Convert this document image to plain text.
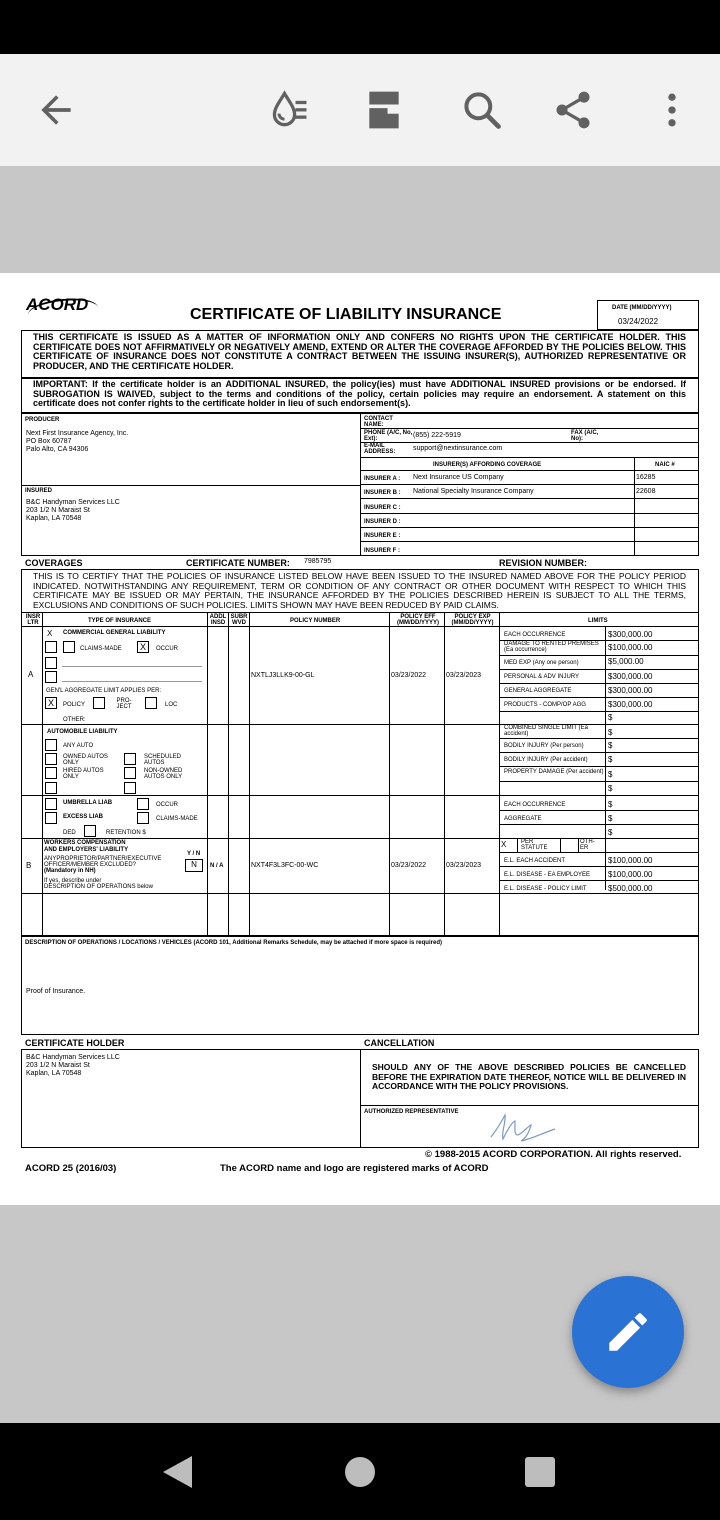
ACORD
CERTIFICATE OF LIABILITY INSURANCE	DATE (MM/DD/YYYY)
03/24/2022
THIS CERTIFICATE IS ISSUED AS A MATTER OF INFORMATION ONLY AND CONFERS NO RIGHTS UPON THE CERTIFICATE HOLDER. THIS CERTIFICATE DOES NOT AFFIRMATIVELY OR NEGATIVELY AMEND, EXTEND OR ALTER THE COVERAGE AFFORDED BY THE POLICIES BELOW. THIS CERTIFICATE OF INSURANCE DOES NOT CONSTITUTE A CONTRACT BETWEEN THE ISSUING INSURER(S), AUTHORIZED REPRESENTATIVE OR PRODUCER, AND THE CERTIFICATE HOLDER.
IMPORTANT: If the certificate holder is an ADDITIONAL INSURED, the policy(ies) must have ADDITIONAL INSURED provisions or be endorsed. If SUBROGATION IS WAIVED, subject to the terms and conditions of the policy, certain policies may require an endorsement. A statement on this certificate does not confer rights to the certificate holder in lieu of such endorsement(s).
PRODUCER
Next First Insurance Agency, Inc.
PO Box 60787
Palo Alto, CA 94306
INSURED
B&C Handyman Services LLC
203 1/2 N Maraist St
Kaplan, LA 70548
CONTACT NAME:
PHONE (A/C, No, Ext):	(855) 222-5919	FAX (A/C, No):
E-MAIL ADDRESS:	support@nextinsurance.com
INSURER(S) AFFORDING COVERAGE	NAIC #
INSURER A : Next Insurance US Company	16285
INSURER B : National Specialty Insurance Company	22608
INSURER C :
INSURER D :
INSURER E :
INSURER F :
COVERAGES	CERTIFICATE NUMBER: 7985795	REVISION NUMBER:
THIS IS TO CERTIFY THAT THE POLICIES OF INSURANCE LISTED BELOW HAVE BEEN ISSUED TO THE INSURED NAMED ABOVE FOR THE POLICY PERIOD INDICATED. NOTWITHSTANDING ANY REQUIREMENT, TERM OR CONDITION OF ANY CONTRACT OR OTHER DOCUMENT WITH RESPECT TO WHICH THIS CERTIFICATE MAY BE ISSUED OR MAY PERTAIN, THE INSURANCE AFFORDED BY THE POLICIES DESCRIBED HEREIN IS SUBJECT TO ALL THE TERMS, EXCLUSIONS AND CONDITIONS OF SUCH POLICIES. LIMITS SHOWN MAY HAVE BEEN REDUCED BY PAID CLAIMS.
INSR LTR	TYPE OF INSURANCE
ADDL INSD
SUBR WVD	POLICY NUMBER
POLICY EFF (MM/DD/YYYY)
POLICY EXP (MM/DD/YYYY)	LIMITS
A
X COMMERCIAL GENERAL LIABILITY
CLAIMS-MADE	X	OCCUR
GEN'L AGGREGATE LIMIT APPLIES PER:
X	POLICY
PRO-JECT	LOC
OTHER:
NXTLJ3LLK9-00-GL	03/23/2022	03/23/2023
EACH OCCURRENCE	$300,000.00
DAMAGE TO RENTED PREMISES (Ea occurrence)	$100,000.00
MED EXP (Any one person)	$5,000.00
PERSONAL & ADV INJURY	$300,000.00
GENERAL AGGREGATE	$300,000.00
PRODUCTS - COMP/OP AGG	$300,000.00
$
AUTOMOBILE LIABILITY
ANY AUTO
OWNED AUTOS ONLY
HIRED AUTOS ONLY
SCHEDULED AUTOS
NON-OWNED AUTOS ONLY
COMBINED SINGLE LIMIT (Ea accident)	$
BODILY INJURY (Per person)	$
BODILY INJURY (Per accident)	$
PROPERTY DAMAGE (Per accident) $
$
UMBRELLA LIAB	OCCUR
EXCESS LIAB	CLAIMS-MADE
DED	RETENTION $
EACH OCCURRENCE	$
AGGREGATE	$
$
WORKERS COMPENSATION
AND EMPLOYERS' LIABILITY
Y / N
ANYPROPRIETOR/PARTNER/EXECUTIVE
OFFICER/MEMBER EXCLUDED?
(Mandatory in NH)
If yes, describe under
DESCRIPTION OF OPERATIONS below
N	N / A
B	NXT4F3L3FC-00-WC	03/23/2022	03/23/2023
X PER STATUTE
OTH-ER
E.L. EACH ACCIDENT	$100,000.00
E.L. DISEASE - EA EMPLOYEE $100,000.00
E.L. DISEASE - POLICY LIMIT	$500,000.00
DESCRIPTION OF OPERATIONS / LOCATIONS / VEHICLES (ACORD 101, Additional Remarks Schedule, may be attached if more space is required)
Proof of Insurance.
CERTIFICATE HOLDER	CANCELLATION
B&C Handyman Services LLC
203 1/2 N Maraist St
Kaplan, LA 70548
SHOULD ANY OF THE ABOVE DESCRIBED POLICIES BE CANCELLED BEFORE THE EXPIRATION DATE THEREOF, NOTICE WILL BE DELIVERED IN ACCORDANCE WITH THE POLICY PROVISIONS.
AUTHORIZED REPRESENTATIVE
© 1988-2015 ACORD CORPORATION. All rights reserved.
ACORD 25 (2016/03)	The ACORD name and logo are registered marks of ACORD
